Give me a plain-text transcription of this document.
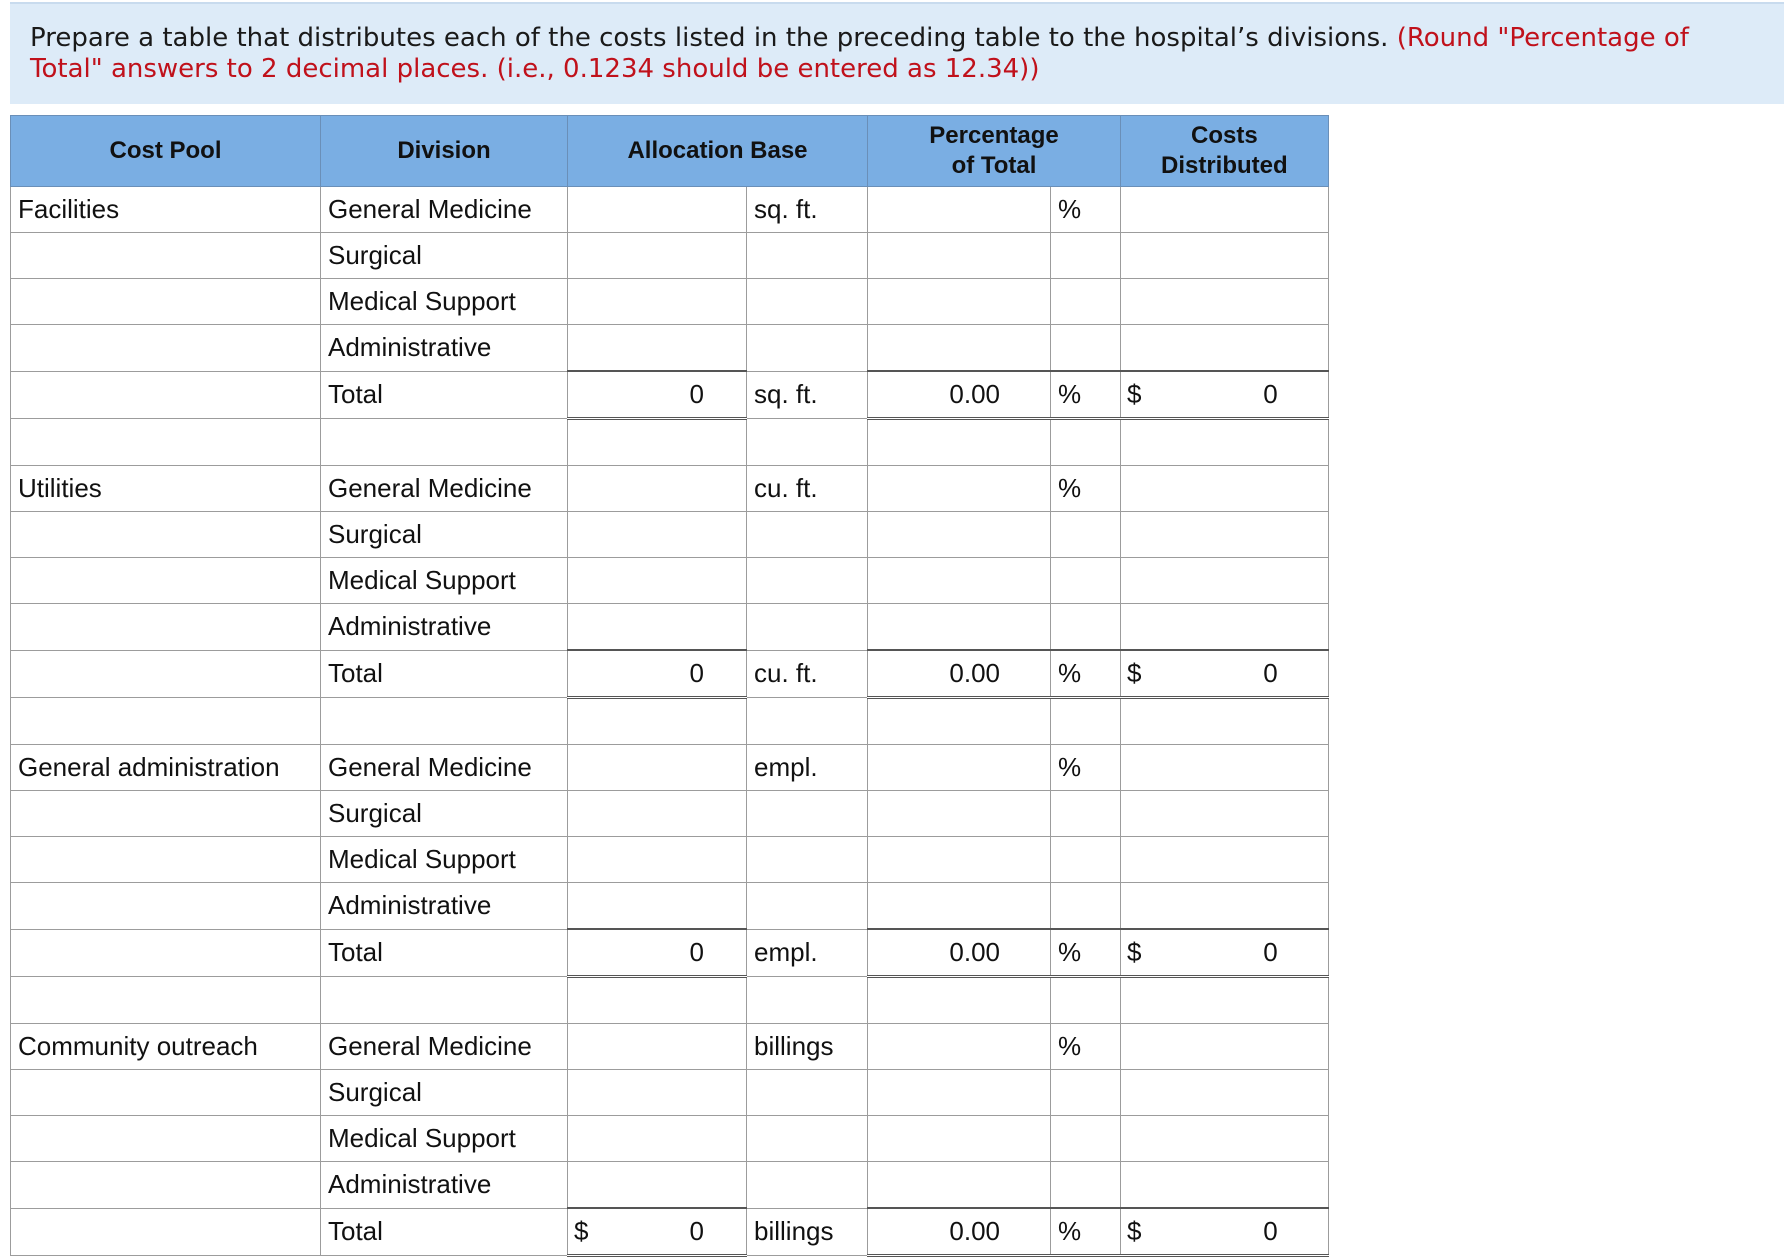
Prepare a table that distributes each of the costs listed in the preceding table to the hospital’s divisions. (Round "Percentage of Total" answers to 2 decimal places. (i.e., 0.1234 should be entered as 12.34))
Cost Pool	Division	Allocation Base		Percentage of Total		Costs Distributed
Facilities	General Medicine		sq. ft.		%	
	Surgical					
	Medical Support					
	Administrative					
	Total	0	sq. ft.	0.00	%	$ 0

Utilities	General Medicine		cu. ft.		%	
	Surgical					
	Medical Support					
	Administrative					
	Total	0	cu. ft.	0.00	%	$ 0

General administration	General Medicine		empl.		%	
	Surgical					
	Medical Support					
	Administrative					
	Total	0	empl.	0.00	%	$ 0

Community outreach	General Medicine		billings		%	
	Surgical					
	Medical Support					
	Administrative					
	Total	$ 0	billings	0.00	%	$ 0
